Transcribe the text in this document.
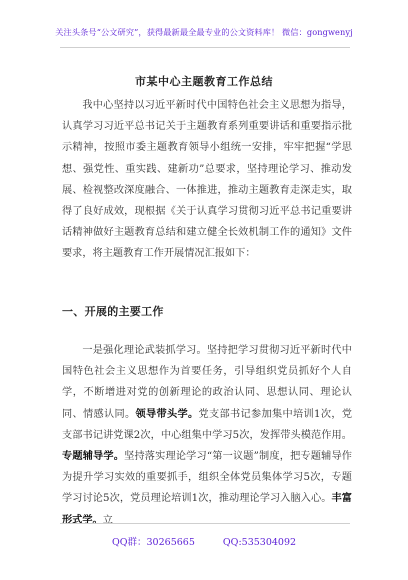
关注头条号“公文研究”，获得最新最全最专业的公文资料库！ 微信：gongwenyj
市某中心主题教育工作总结

我中心坚持以习近平新时代中国特色社会主义思想为指导，认真学习习近平总书记关于主题教育系列重要讲话和重要指示批示精神，按照市委主题教育领导小组统一安排，牢牢把握“学思想、强党性、重实践、建新功”总要求，坚持理论学习、推动发展、检视整改深度融合、一体推进，推动主题教育走深走实，取得了良好成效，现根据《关于认真学习贯彻习近平总书记重要讲话精神做好主题教育总结和建立健全长效机制工作的通知》文件要求，将主题教育工作开展情况汇报如下：

一、开展的主要工作

一是强化理论武装抓学习。坚持把学习贯彻习近平新时代中国特色社会主义思想作为首要任务，引导组织党员抓好个人自学，不断增进对党的创新理论的政治认同、思想认同、理论认同、情感认同。领导带头学。党支部书记参加集中培训1次，党支部书记讲党课2次，中心组集中学习5次，发挥带头模范作用。专题辅导学。坚持落实理论学习“第一议题”制度，把专题辅导作为提升学习实效的重要抓手，组织全体党员集体学习5次，专题学习讨论5次，党员理论培训1次，推动理论学习入脑入心。丰富形式学。立

QQ群：30265665	QQ:535304092
